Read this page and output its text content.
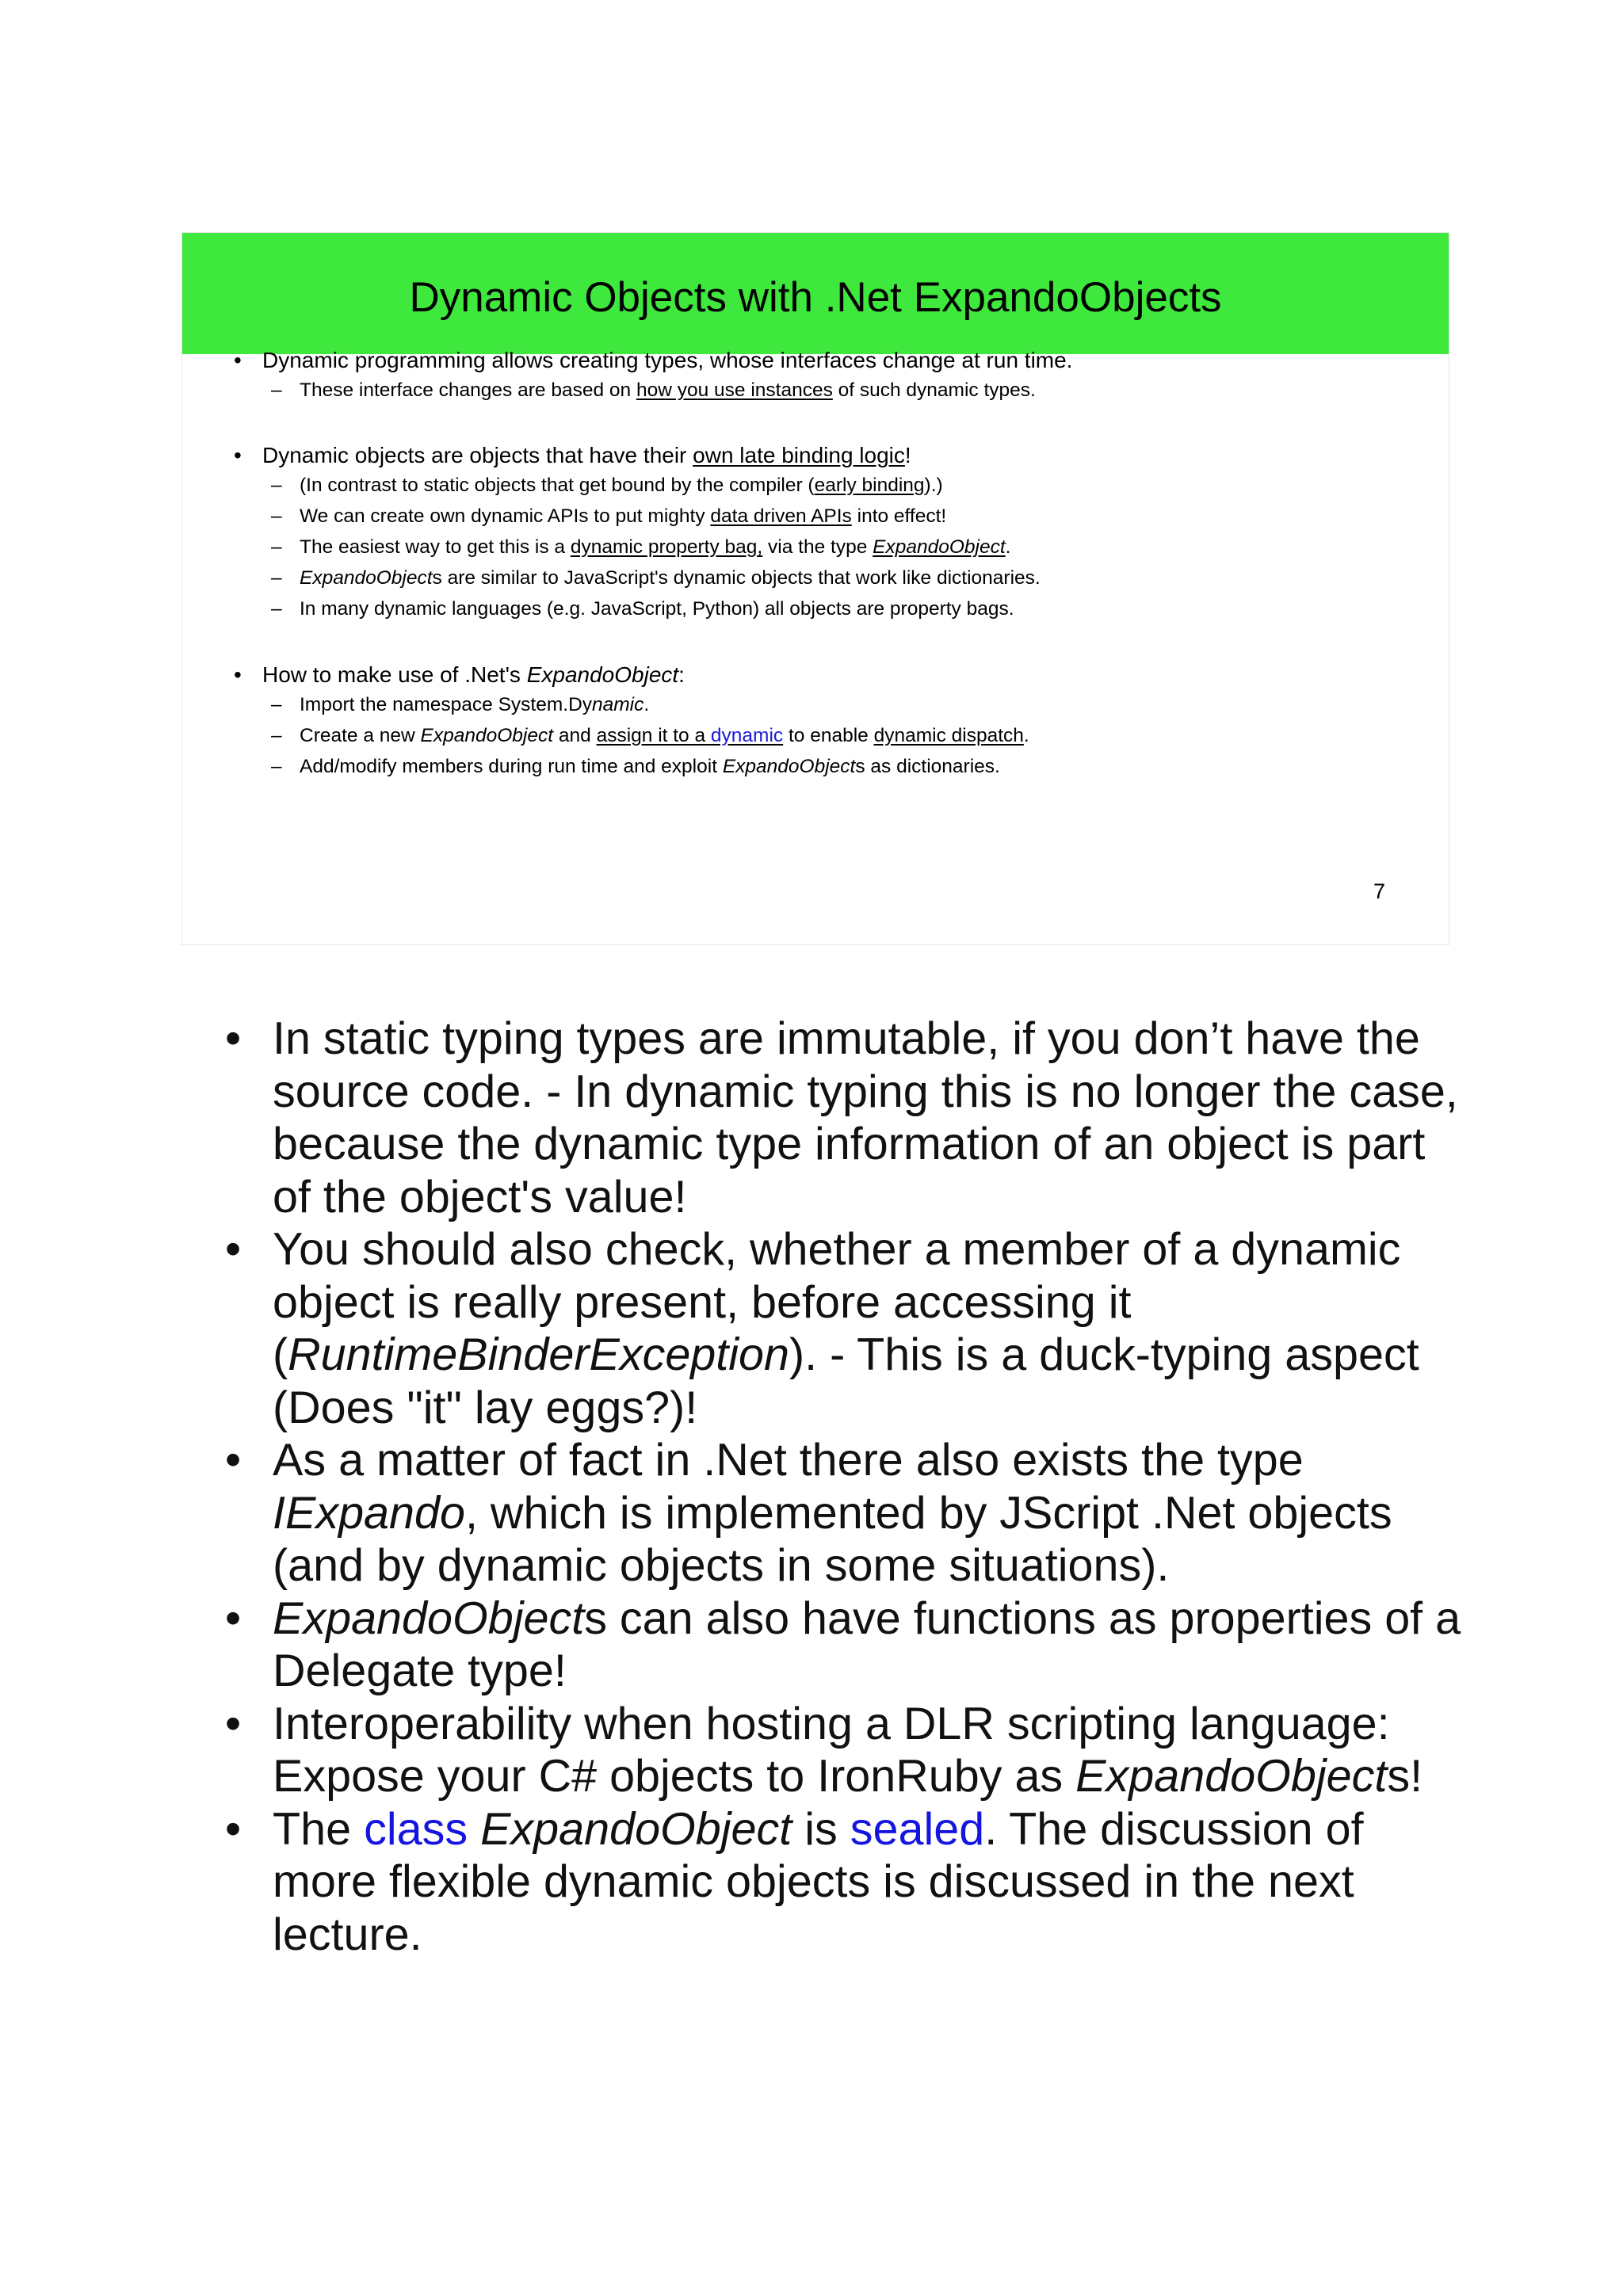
Dynamic Objects with .Net ExpandoObjects
• Dynamic programming allows creating types, whose interfaces change at run time.
– These interface changes are based on how you use instances of such dynamic types.
• Dynamic objects are objects that have their own late binding logic!
– (In contrast to static objects that get bound by the compiler (early binding).)
– We can create own dynamic APIs to put mighty data driven APIs into effect!
– The easiest way to get this is a dynamic property bag, via the type ExpandoObject.
– ExpandoObjects are similar to JavaScript's dynamic objects that work like dictionaries.
– In many dynamic languages (e.g. JavaScript, Python) all objects are property bags.
• How to make use of .Net's ExpandoObject:
– Import the namespace System.Dynamic.
– Create a new ExpandoObject and assign it to a dynamic to enable dynamic dispatch.
– Add/modify members during run time and exploit ExpandoObjects as dictionaries.
7
• In static typing types are immutable, if you don’t have the source code. - In dynamic typing this is no longer the case, because the dynamic type information of an object is part of the object's value!
• You should also check, whether a member of a dynamic object is really present, before accessing it (RuntimeBinderException). - This is a duck-typing aspect (Does "it" lay eggs?)!
• As a matter of fact in .Net there also exists the type IExpando, which is implemented by JScript .Net objects (and by dynamic objects in some situations).
• ExpandoObjects can also have functions as properties of a Delegate type!
• Interoperability when hosting a DLR scripting language: Expose your C# objects to IronRuby as ExpandoObjects!
• The class ExpandoObject is sealed. The discussion of more flexible dynamic objects is discussed in the next lecture.
